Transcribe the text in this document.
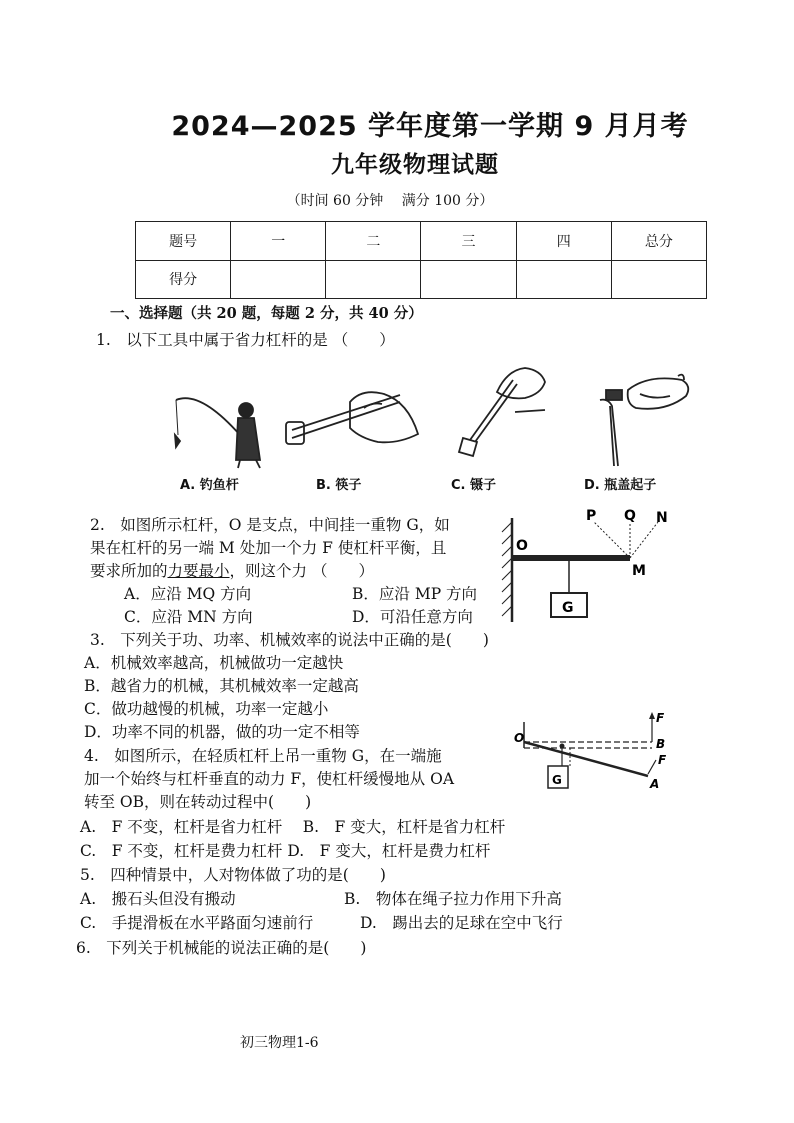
2024—2025 学年度第一学期 9 月月考
九年级物理试题
（时间 60 分钟　 满分 100 分）
题号	一	二	三	四	总分
得分					
一、选择题（共 20 题，每题 2 分，共 40 分）
1.　以下工具中属于省力杠杆的是 （　　）
A. 钓鱼杆	B. 筷子	C. 镊子	D. 瓶盖起子
2.　如图所示杠杆，O 是支点，中间挂一重物 G，如
果在杠杆的另一端 M 处加一个力 F 使杠杆平衡，且
要求所加的力要最小，则这个力 （　　）
A．应沿 MQ 方向	B．应沿 MP 方向
C．应沿 MN 方向	D．可沿任意方向	G
O
P Q N
M
3.　下列关于功、功率、机械效率的说法中正确的是(　　)
A．机械效率越高，机械做功一定越快
B．越省力的机械，其机械效率一定越高
C．做功越慢的机械，功率一定越小
D．功率不同的机器，做的功一定不相等
4.　如图所示，在轻质杠杆上吊一重物 G，在一端施
加一个始终与杠杆垂直的动力 F，使杠杆缓慢地从 OA
转至 OB，则在转动过程中(　　)
A.　F 不变，杠杆是省力杠杆　 B.　F 变大，杠杆是省力杠杆
C.　F 不变，杠杆是费力杠杆 D.　F 变大，杠杆是费力杠杆
O
F
B
F
A
G
5.　四种情景中，人对物体做了功的是(　　)
A.　搬石头但没有搬动	B.　物体在绳子拉力作用下升高
C.　手提滑板在水平路面匀速前行	D.　踢出去的足球在空中飞行
6.　下列关于机械能的说法正确的是(　　)
初三物理1-6
